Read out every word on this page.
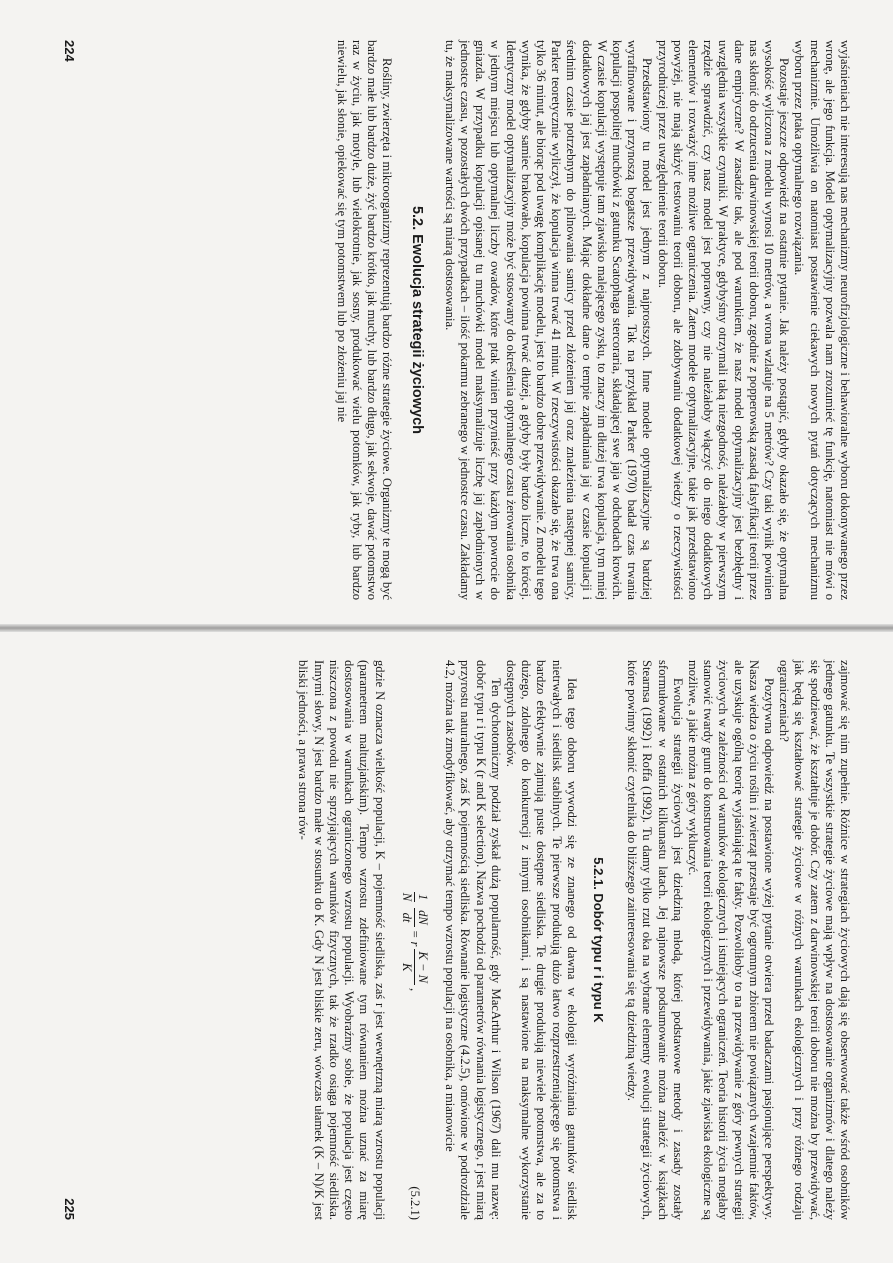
wyjaśnieniach nie interesują nas mechanizmy neurofizjologiczne i behawioralne wyboru dokonywanego przez wronę, ale jego funkcja. Model optymalizacyjny pozwala nam zrozumieć tę funkcję, natomiast nie mówi o mechanizmie. Umożliwia on natomiast postawienie ciekawych nowych pytań dotyczących mechanizmu wyboru przez ptaka optymalnego rozwiązania.

Pozostaje jeszcze odpowiedź na ostatnie pytanie. Jak należy postąpić, gdyby okazało się, że optymalna wysokość wyliczona z modelu wynosi 10 metrów, a wrona wzlatuje na 5 metrów? Czy taki wynik powinien nas skłonić do odrzucenia darwinowskiej teorii doboru, zgodnie z popperowską zasadą falsyfikacji teorii przez dane empiryczne? W zasadzie tak, ale pod warunkiem, że nasz model optymalizacyjny jest bezbłędny i uwzględnia wszystkie czynniki. W praktyce, gdybyśmy otrzymali taką niezgodność, należałoby w pierwszym rzędzie sprawdzić, czy nasz model jest poprawny, czy nie należałoby włączyć do niego dodatkowych elementów i rozważyć inne możliwe ograniczenia. Zatem modele optymalizacyjne, takie jak przedstawiono powyżej, nie mają służyć testowaniu teorii doboru, ale zdobywaniu dodatkowej wiedzy o rzeczywistości przyrodniczej przez uwzględnienie teorii doboru.

Przedstawiony tu model jest jednym z najprostszych. Inne modele optymalizacyjne są bardziej wyrafinowane i przynoszą bogatsze przewidywania. Tak na przykład Parker (1970) badał czas trwania kopulacji pospolitej muchówki z gatunku Scatophaga stercoraria, składającej swe jaja w odchodach krowich. W czasie kopulacji występuje tam zjawisko malejącego zysku, to znaczy im dłużej trwa kopulacja, tym mniej dodatkowych jaj jest zapładnianych. Mając dokładne dane o tempie zapładniania jaj w czasie kopulacji i średnim czasie potrzebnym do pilnowania samicy przed złożeniem jaj oraz znalezienia następnej samicy, Parker teoretycznie wyliczył, że kopulacja winna trwać 41 minut. W rzeczywistości okazało się, że trwa ona tylko 36 minut, ale biorąc pod uwagę komplikację modelu, jest to bardzo dobre przewidywanie. Z modelu tego wynika, że gdyby samiec brakowało, kopulacja powinna trwać dłużej, a gdyby były bardzo liczne, to krócej. Identyczny model optymalizacyjny może być stosowany do określenia optymalnego czasu żerowania osobnika w jednym miejscu lub optymalnej liczby owadów, które ptak winien przynieść przy każdym powrocie do gniazda. W przypadku kopulacji opisanej tu muchówki model maksymalizuje liczbę jaj zapłodnionych w jednostce czasu, w pozostałych dwóch przypadkach – ilość pokarmu zebranego w jednostce czasu. Zakładamy tu, że maksymalizowane wartości są miarą dostosowania.

5.2. Ewolucja strategii życiowych

Rośliny, zwierzęta i mikroorganizmy reprezentują bardzo różne strategie życiowe. Organizmy te mogą być bardzo małe lub bardzo duże, żyć bardzo krótko, jak muchy, lub bardzo długo, jak sekwoje, dawać potomstwo raz w życiu, jak motyle, lub wielokrotnie, jak sosny, produkować wielu potomków, jak ryby, lub bardzo niewielu, jak słonie, opiekować się tym potomstwem lub po złożeniu jaj nie

224

zajmować się nim zupełnie. Różnice w strategiach życiowych dają się obserwować także wśród osobników jednego gatunku. Te wszystkie strategie życiowe mają wpływ na dostosowanie organizmów i dlatego należy się spodziewać, że kształtuje je dobór. Czy zatem z darwinowskiej teorii doboru nie można by przewidywać, jak będą się kształtować strategie życiowe w różnych warunkach ekologicznych i przy różnego rodzaju ograniczeniach?

Pozytywna odpowiedź na postawione wyżej pytanie otwiera przed badaczami pasjonujące perspektywy. Nasza wiedza o życiu roślin i zwierząt przestaje być ogromnym zbiorem nie powiązanych wzajemnie faktów, ale uzyskuje ogólną teorię wyjaśniającą te fakty. Pozwoliłoby to na przewidywanie z góry pewnych strategii życiowych w zależności od warunków ekologicznych i istniejących ograniczeń. Teoria historii życia mogłaby stanowić twardy grunt do konstruowania teorii ekologicznych i przewidywania, jakie zjawiska ekologiczne są możliwe, a jakie można z góry wykluczyć.

Ewolucja strategii życiowych jest dziedziną młodą, której podstawowe metody i zasady zostały sformułowane w ostatnich kilkunastu latach. Jej najnowsze podsumowanie można znaleźć w książkach Stearnsa (1992) i Roffa (1992). Tu damy tylko rzut oka na wybrane elementy ewolucji strategii życiowych, które powinny skłonić czytelnika do bliższego zainteresowania się tą dziedziną wiedzy.

5.2.1. Dobór typu r i typu K

Idea tego doboru wywodzi się ze znanego od dawna w ekologii wyróżniania gatunków siedlisk nietrwałych i siedlisk stabilnych. Te pierwsze produkują dużo łatwo rozprzestrzeniającego się potomstwa i bardzo efektywnie zajmują puste dostępne siedliska. Te drugie produkują niewiele potomstwa, ale za to dużego, zdolnego do konkurencji z innymi osobnikami, i są nastawione na maksymalne wykorzystanie dostępnych zasobów.

Ten dychotomiczny podział zyskał dużą popularność, gdy MacArthur i Wilson (1967) dali mu nazwę: dobór typu r i typu K (r and K selection). Nazwa pochodzi od parametrów równania logistycznego, r jest miarą przyrostu naturalnego, zaś K pojemnością siedliska. Równanie logistyczne (4.2.5), omówione w podrozdziale 4.2, można tak zmodyfikować, aby otrzymać tempo wzrostu populacji na osobnika, a mianowicie

1
N
dN
dt
= r
K − N
K
,
(5.2.1)

gdzie N oznacza wielkość populacji, K – pojemność siedliska, zaś r jest wewnętrzną miarą wzrostu populacji (parametrem maltuzjańskim). Tempo wzrostu zdefiniowane tym równaniem można uznać za miarę dostosowania w warunkach ograniczonego wzrostu populacji. Wyobraźmy sobie, że populacja jest często niszczona z powodu nie sprzyjających warunków fizycznych, tak że rzadko osiąga pojemność siedliska. Innymi słowy, N jest bardzo małe w stosunku do K. Gdy N jest bliskie zeru, wówczas ułamek (K – N)/K jest bliski jedności, a prawa strona rów-

225
